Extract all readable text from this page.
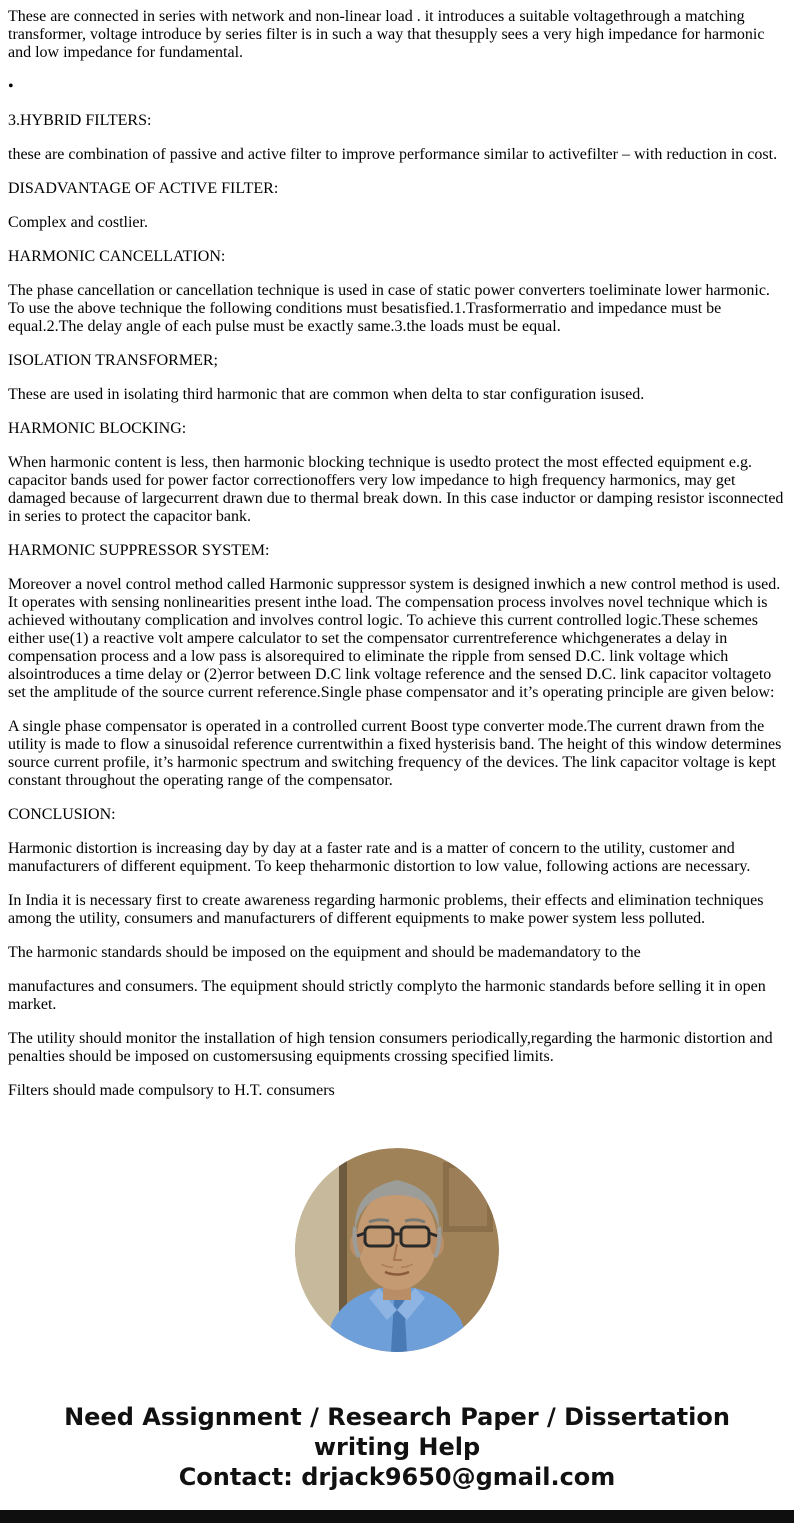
These are connected in series with network and non-linear load . it introduces a suitable voltagethrough a matching transformer, voltage introduce by series filter is in such a way that thesupply sees a very high impedance for harmonic and low impedance for fundamental.

•

3.HYBRID FILTERS:

these are combination of passive and active filter to improve performance similar to activefilter – with reduction in cost.

DISADVANTAGE OF ACTIVE FILTER:

Complex and costlier.

HARMONIC CANCELLATION:

The phase cancellation or cancellation technique is used in case of static power converters toeliminate lower harmonic. To use the above technique the following conditions must besatisfied.1.Trasformerratio and impedance must be equal.2.The delay angle of each pulse must be exactly same.3.the loads must be equal.

ISOLATION TRANSFORMER;

These are used in isolating third harmonic that are common when delta to star configuration isused.

HARMONIC BLOCKING:

When harmonic content is less, then harmonic blocking technique is usedto protect the most effected equipment e.g. capacitor bands used for power factor correctionoffers very low impedance to high frequency harmonics, may get damaged because of largecurrent drawn due to thermal break down. In this case inductor or damping resistor isconnected in series to protect the capacitor bank.

HARMONIC SUPPRESSOR SYSTEM:

Moreover a novel control method called Harmonic suppressor system is designed inwhich a new control method is used. It operates with sensing nonlinearities present inthe load. The compensation process involves novel technique which is achieved withoutany complication and involves control logic. To achieve this current controlled logic.These schemes either use(1) a reactive volt ampere calculator to set the compensator currentreference whichgenerates a delay in compensation process and a low pass is alsorequired to eliminate the ripple from sensed D.C. link voltage which alsointroduces a time delay or (2)error between D.C link voltage reference and the sensed D.C. link capacitor voltageto set the amplitude of the source current reference.Single phase compensator and it’s operating principle are given below:

A single phase compensator is operated in a controlled current Boost type converter mode.The current drawn from the utility is made to flow a sinusoidal reference currentwithin a fixed hysterisis band. The height of this window determines source current profile, it’s harmonic spectrum and switching frequency of the devices. The link capacitor voltage is kept constant throughout the operating range of the compensator.

CONCLUSION:

Harmonic distortion is increasing day by day at a faster rate and is a matter of concern to the utility, customer and manufacturers of different equipment. To keep theharmonic distortion to low value, following actions are necessary.

In India it is necessary first to create awareness regarding harmonic problems, their effects and elimination techniques among the utility, consumers and manufacturers of different equipments to make power system less polluted.

The harmonic standards should be imposed on the equipment and should be mademandatory to the

manufactures and consumers. The equipment should strictly complyto the harmonic standards before selling it in open market.

The utility should monitor the installation of high tension consumers periodically,regarding the harmonic distortion and penalties should be imposed on customersusing equipments crossing specified limits.

Filters should made compulsory to H.T. consumers

Need Assignment / Research Paper / Dissertation
writing Help
Contact: drjack9650@gmail.com
